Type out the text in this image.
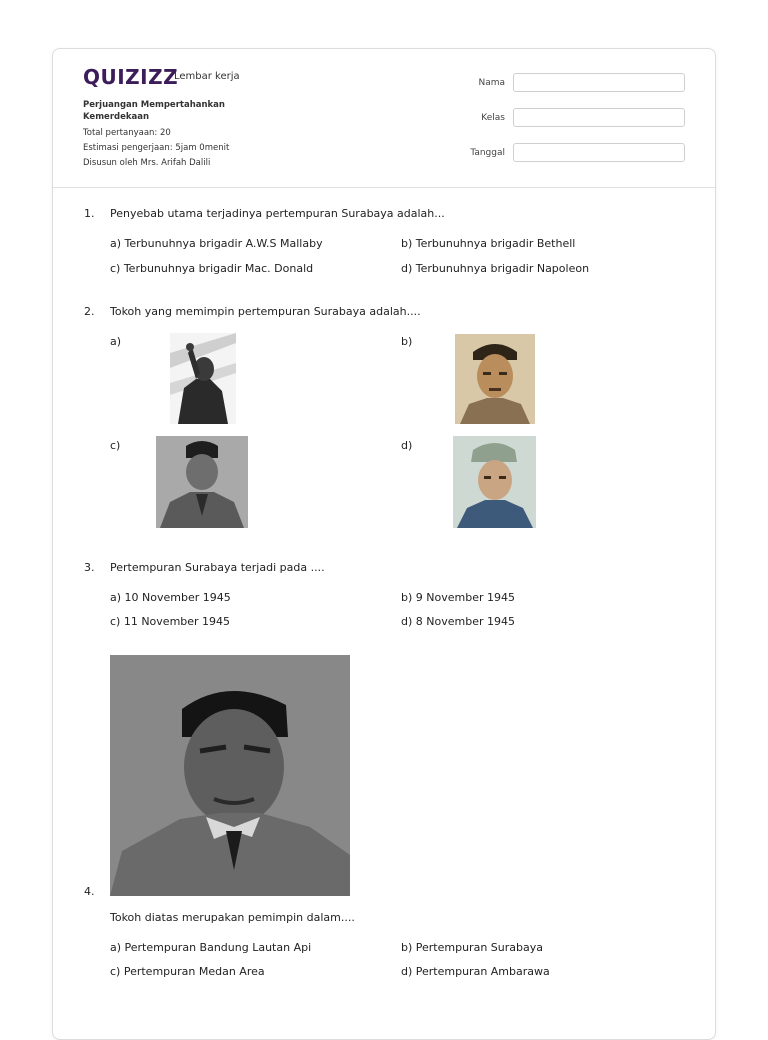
QUIZIZZ
Lembar kerja
Perjuangan Mempertahankan Kemerdekaan
Total pertanyaan: 20
Estimasi pengerjaan: 5jam 0menit
Disusun oleh Mrs. Arifah Dalili
Nama
Kelas
Tanggal
1. Penyebab utama terjadinya pertempuran Surabaya adalah...
a) Terbunuhnya brigadir A.W.S Mallaby	b) Terbunuhnya brigadir Bethell
c) Terbunuhnya brigadir Mac. Donald	d) Terbunuhnya brigadir Napoleon
2. Tokoh yang memimpin pertempuran Surabaya adalah....
a)	b)
c)	d)
3. Pertempuran Surabaya terjadi pada ....
a) 10 November 1945	b) 9 November 1945
c) 11 November 1945	d) 8 November 1945
4.
Tokoh diatas merupakan pemimpin dalam....
a) Pertempuran Bandung Lautan Api	b) Pertempuran Surabaya
c) Pertempuran Medan Area	d) Pertempuran Ambarawa
